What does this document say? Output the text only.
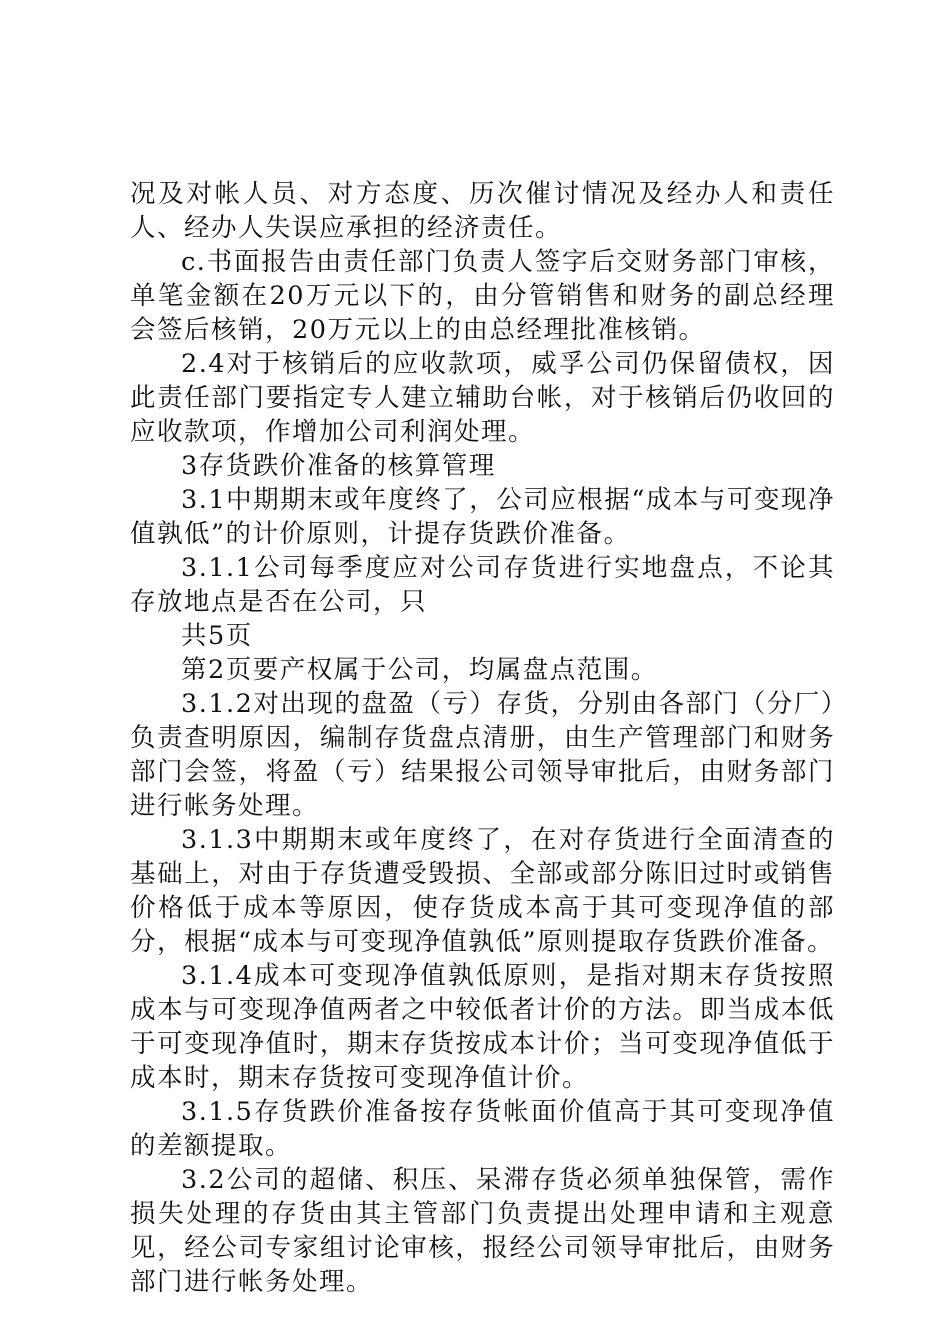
况及对帐人员、对方态度、历次催讨情况及经办人和责任人、经办人失误应承担的经济责任。

c.书面报告由责任部门负责人签字后交财务部门审核，单笔金额在20万元以下的，由分管销售和财务的副总经理会签后核销，20万元以上的由总经理批准核销。

2.4对于核销后的应收款项，威孚公司仍保留债权，因此责任部门要指定专人建立辅助台帐，对于核销后仍收回的应收款项，作增加公司利润处理。

3存货跌价准备的核算管理

3.1中期期末或年度终了，公司应根据“成本与可变现净值孰低”的计价原则，计提存货跌价准备。

3.1.1公司每季度应对公司存货进行实地盘点，不论其存放地点是否在公司，只

共5页

第2页要产权属于公司，均属盘点范围。

3.1.2对出现的盘盈（亏）存货，分别由各部门（分厂）负责查明原因，编制存货盘点清册，由生产管理部门和财务部门会签，将盈（亏）结果报公司领导审批后，由财务部门进行帐务处理。

3.1.3中期期末或年度终了，在对存货进行全面清查的基础上，对由于存货遭受毁损、全部或部分陈旧过时或销售价格低于成本等原因，使存货成本高于其可变现净值的部分，根据“成本与可变现净值孰低”原则提取存货跌价准备。

3.1.4成本可变现净值孰低原则，是指对期末存货按照成本与可变现净值两者之中较低者计价的方法。即当成本低于可变现净值时，期末存货按成本计价；当可变现净值低于成本时，期末存货按可变现净值计价。

3.1.5存货跌价准备按存货帐面价值高于其可变现净值的差额提取。

3.2公司的超储、积压、呆滞存货必须单独保管，需作损失处理的存货由其主管部门负责提出处理申请和主观意见，经公司专家组讨论审核，报经公司领导审批后，由财务部门进行帐务处理。
